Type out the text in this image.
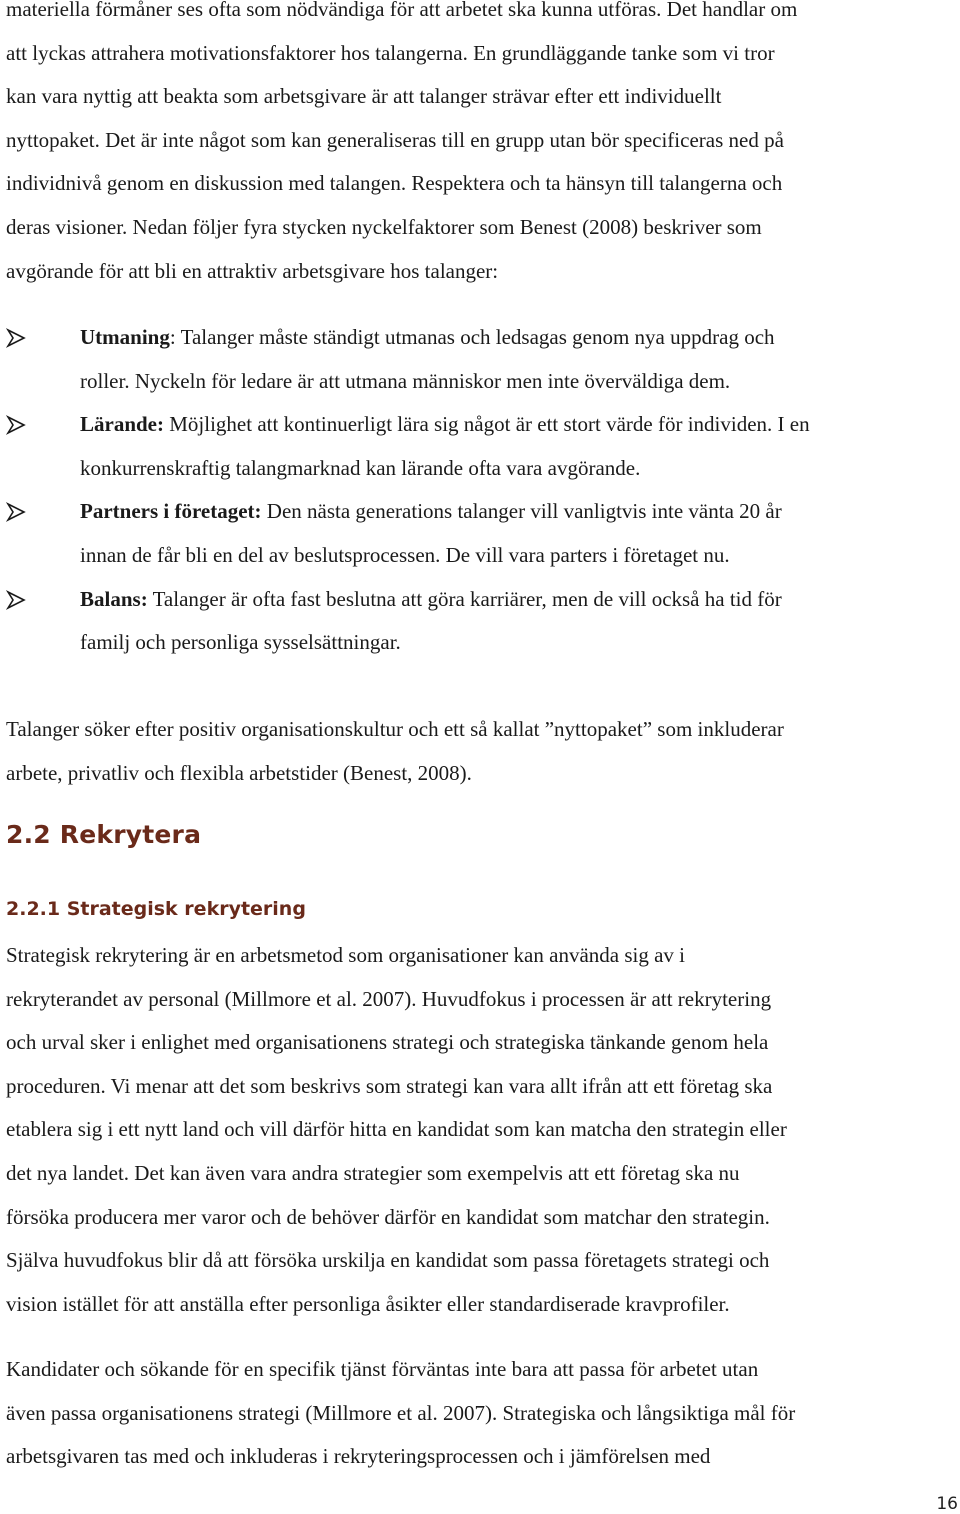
materiella förmåner ses ofta som nödvändiga för att arbetet ska kunna utföras. Det handlar om
att lyckas attrahera motivationsfaktorer hos talangerna. En grundläggande tanke som vi tror
kan vara nyttig att beakta som arbetsgivare är att talanger strävar efter ett individuellt
nyttopaket. Det är inte något som kan generaliseras till en grupp utan bör specificeras ned på
individnivå genom en diskussion med talangen. Respektera och ta hänsyn till talangerna och
deras visioner. Nedan följer fyra stycken nyckelfaktorer som Benest (2008) beskriver som
avgörande för att bli en attraktiv arbetsgivare hos talanger:
Utmaning: Talanger måste ständigt utmanas och ledsagas genom nya uppdrag och
roller. Nyckeln för ledare är att utmana människor men inte överväldiga dem.
Lärande: Möjlighet att kontinuerligt lära sig något är ett stort värde för individen. I en
konkurrenskraftig talangmarknad kan lärande ofta vara avgörande.
Partners i företaget: Den nästa generations talanger vill vanligtvis inte vänta 20 år
innan de får bli en del av beslutsprocessen. De vill vara parters i företaget nu.
Balans: Talanger är ofta fast beslutna att göra karriärer, men de vill också ha tid för
familj och personliga sysselsättningar.
Talanger söker efter positiv organisationskultur och ett så kallat ”nyttopaket” som inkluderar
arbete, privatliv och flexibla arbetstider (Benest, 2008).
2.2 Rekrytera
2.2.1 Strategisk rekrytering
Strategisk rekrytering är en arbetsmetod som organisationer kan använda sig av i
rekryterandet av personal (Millmore et al. 2007). Huvudfokus i processen är att rekrytering
och urval sker i enlighet med organisationens strategi och strategiska tänkande genom hela
proceduren. Vi menar att det som beskrivs som strategi kan vara allt ifrån att ett företag ska
etablera sig i ett nytt land och vill därför hitta en kandidat som kan matcha den strategin eller
det nya landet. Det kan även vara andra strategier som exempelvis att ett företag ska nu
försöka producera mer varor och de behöver därför en kandidat som matchar den strategin.
Själva huvudfokus blir då att försöka urskilja en kandidat som passa företagets strategi och
vision istället för att anställa efter personliga åsikter eller standardiserade kravprofiler.
Kandidater och sökande för en specifik tjänst förväntas inte bara att passa för arbetet utan
även passa organisationens strategi (Millmore et al. 2007). Strategiska och långsiktiga mål för
arbetsgivaren tas med och inkluderas i rekryteringsprocessen och i jämförelsen med
16
